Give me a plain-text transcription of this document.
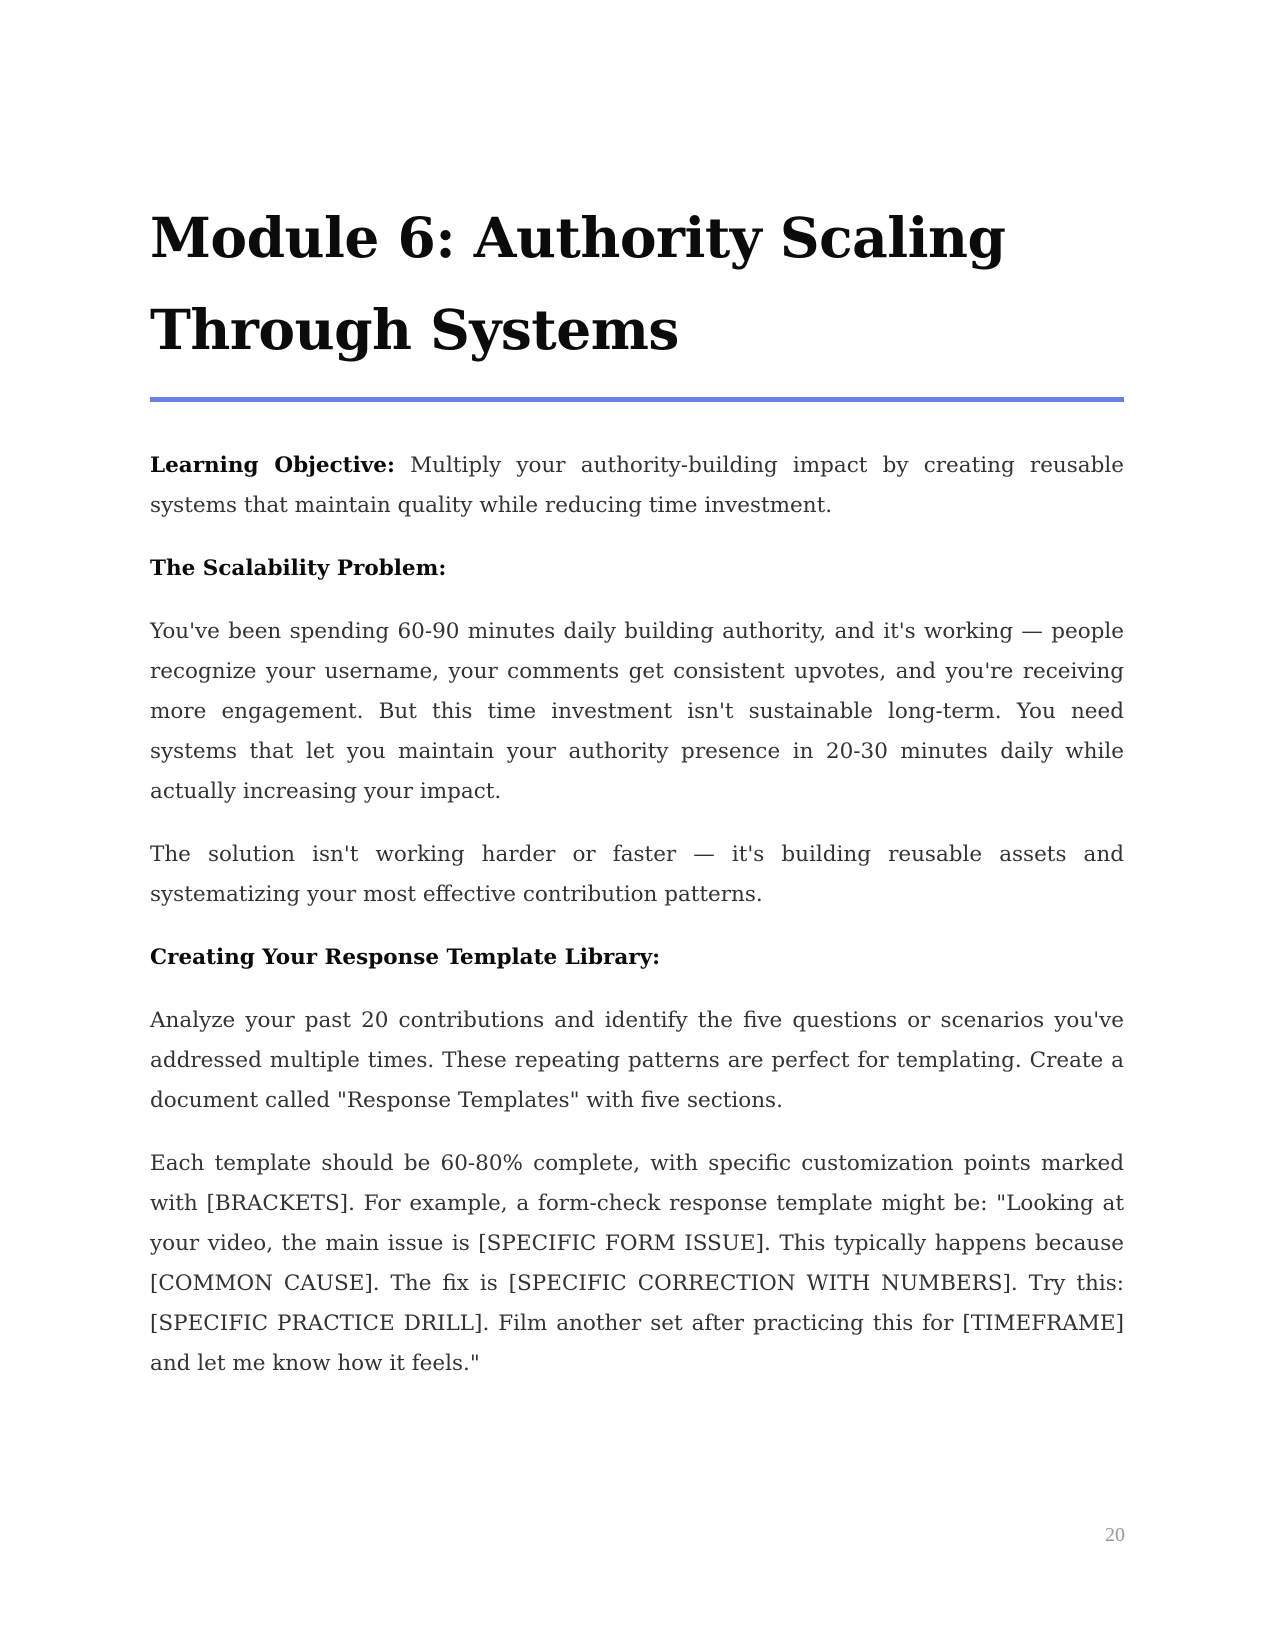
Module 6: Authority Scaling Through Systems

Learning Objective: Multiply your authority-building impact by creating reusable systems that maintain quality while reducing time investment.

The Scalability Problem:

You've been spending 60-90 minutes daily building authority, and it's working — people recognize your username, your comments get consistent upvotes, and you're receiving more engagement. But this time investment isn't sustainable long-term. You need systems that let you maintain your authority presence in 20-30 minutes daily while actually increasing your impact.

The solution isn't working harder or faster — it's building reusable assets and systematizing your most effective contribution patterns.

Creating Your Response Template Library:

Analyze your past 20 contributions and identify the five questions or scenarios you've addressed multiple times. These repeating patterns are perfect for templating. Create a document called "Response Templates" with five sections.

Each template should be 60-80% complete, with specific customization points marked with [BRACKETS]. For example, a form-check response template might be: "Looking at your video, the main issue is [SPECIFIC FORM ISSUE]. This typically happens because [COMMON CAUSE]. The fix is [SPECIFIC CORRECTION WITH NUMBERS]. Try this: [SPECIFIC PRACTICE DRILL]. Film another set after practicing this for [TIMEFRAME] and let me know how it feels."

20
